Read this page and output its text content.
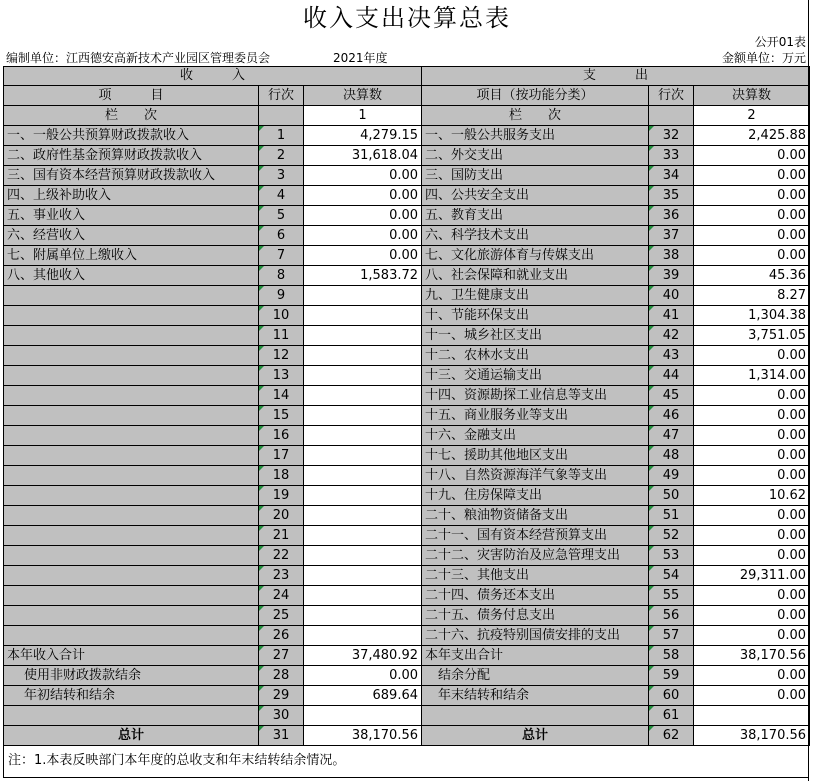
收入支出决算总表
公开01表
编制单位：江西德安高新技术产业园区管理委员会	2021年度	金额单位：万元
收　　　入			支　　　出		
项　　　目	行次	决算数	项目（按功能分类）	行次	决算数
栏　　次		1	栏　　次		2
一、一般公共预算财政拨款收入	1	4,279.15	一、一般公共服务支出	32	2,425.88
二、政府性基金预算财政拨款收入	2	31,618.04	二、外交支出	33	0.00
三、国有资本经营预算财政拨款收入	3	0.00	三、国防支出	34	0.00
四、上级补助收入	4	0.00	四、公共安全支出	35	0.00
五、事业收入	5	0.00	五、教育支出	36	0.00
六、经营收入	6	0.00	六、科学技术支出	37	0.00
七、附属单位上缴收入	7	0.00	七、文化旅游体育与传媒支出	38	0.00
八、其他收入	8	1,583.72	八、社会保障和就业支出	39	45.36
	9		九、卫生健康支出	40	8.27
	10		十、节能环保支出	41	1,304.38
	11		十一、城乡社区支出	42	3,751.05
	12		十二、农林水支出	43	0.00
	13		十三、交通运输支出	44	1,314.00
	14		十四、资源勘探工业信息等支出	45	0.00
	15		十五、商业服务业等支出	46	0.00
	16		十六、金融支出	47	0.00
	17		十七、援助其他地区支出	48	0.00
	18		十八、自然资源海洋气象等支出	49	0.00
	19		十九、住房保障支出	50	10.62
	20		二十、粮油物资储备支出	51	0.00
	21		二十一、国有资本经营预算支出	52	0.00
	22		二十二、灾害防治及应急管理支出	53	0.00
	23		二十三、其他支出	54	29,311.00
	24		二十四、债务还本支出	55	0.00
	25		二十五、债务付息支出	56	0.00
	26		二十六、抗疫特别国债安排的支出	57	0.00
本年收入合计	27	37,480.92	本年支出合计	58	38,170.56
使用非财政拨款结余	28	0.00	结余分配	59	0.00
年初结转和结余	29	689.64	年末结转和结余	60	0.00
	30			61	
总计	31	38,170.56	总计	62	38,170.56
注：1.本表反映部门本年度的总收支和年末结转结余情况。
